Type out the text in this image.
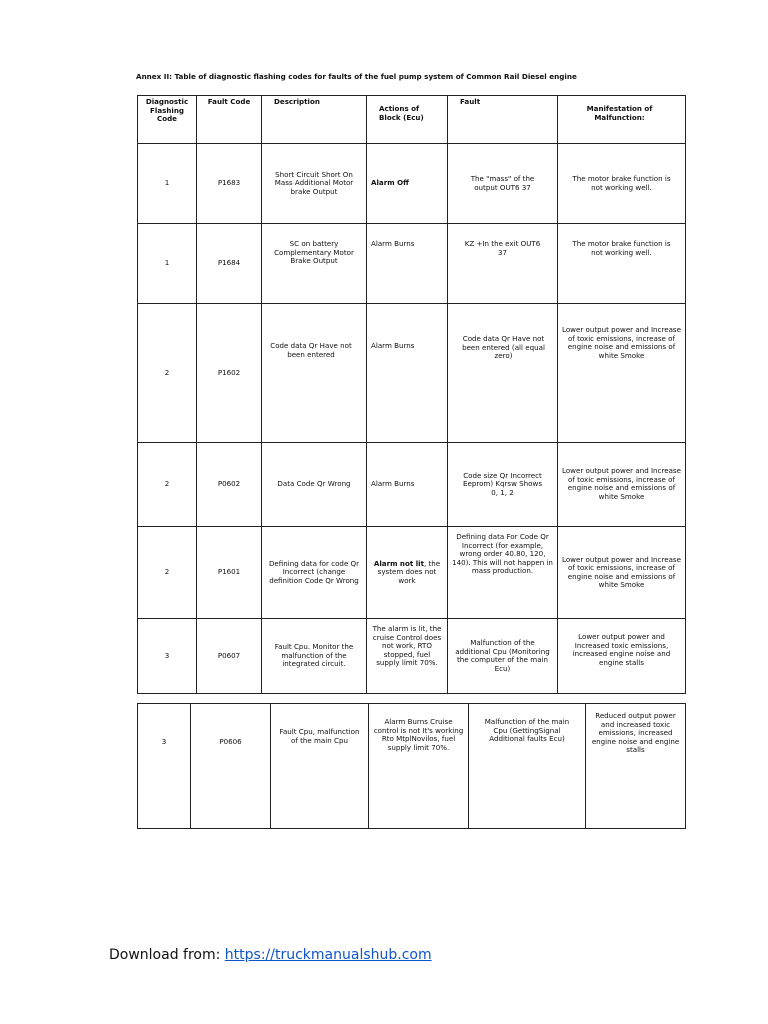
Annex II: Table of diagnostic flashing codes for faults of the fuel pump system of Common Rail Diesel engine
Diagnostic Flashing Code	Fault Code	Description	Actions of Block (Ecu)	Fault	Manifestation of Malfunction:
1	P1683	Short Circuit Short On Mass Additional Motor brake Output	Alarm Off	The "mass" of the output OUT6 37	The motor brake function is not working well.
1	P1684	SC on battery Complementary Motor Brake Output	Alarm Burns	KZ +In the exit OUT6 37	The motor brake function is not working well.
2	P1602	Code data Qr Have not been entered	Alarm Burns	Code data Qr Have not been entered (all equal zero)	Lower output power and Increase of toxic emissions, increase of engine noise and emissions of white Smoke
2	P0602	Data Code Qr Wrong	Alarm Burns	Code size Qr Incorrect Eeprom) Kqrsw Shows 0, 1, 2	Lower output power and Increase of toxic emissions, increase of engine noise and emissions of white Smoke
2	P1601	Defining data for code Qr Incorrect (change definition Code Qr Wrong	Alarm not lit, the system does not work	Defining data For Code Qr Incorrect (for example, wrong order 40.80, 120, 140). This will not happen in mass production.	Lower output power and Increase of toxic emissions, increase of engine noise and emissions of white Smoke
3	P0607	Fault Cpu. Monitor the malfunction of the integrated circuit.	The alarm is lit, the cruise Control does not work, RTO stopped, fuel supply limit 70%.	Malfunction of the additional Cpu (Monitoring the computer of the main Ecu)	Lower output power and Increased toxic emissions, increased engine noise and engine stalls
3	P0606	Fault Cpu, malfunction of the main Cpu	Alarm Burns Cruise control is not It's working Rto MtplNovilos, fuel supply limit 70%.	Malfunction of the main Cpu (GettingSignal Additional faults Ecu)	Reduced output power and increased toxic emissions, increased engine noise and engine stalls
Download from: https://truckmanualshub.com
